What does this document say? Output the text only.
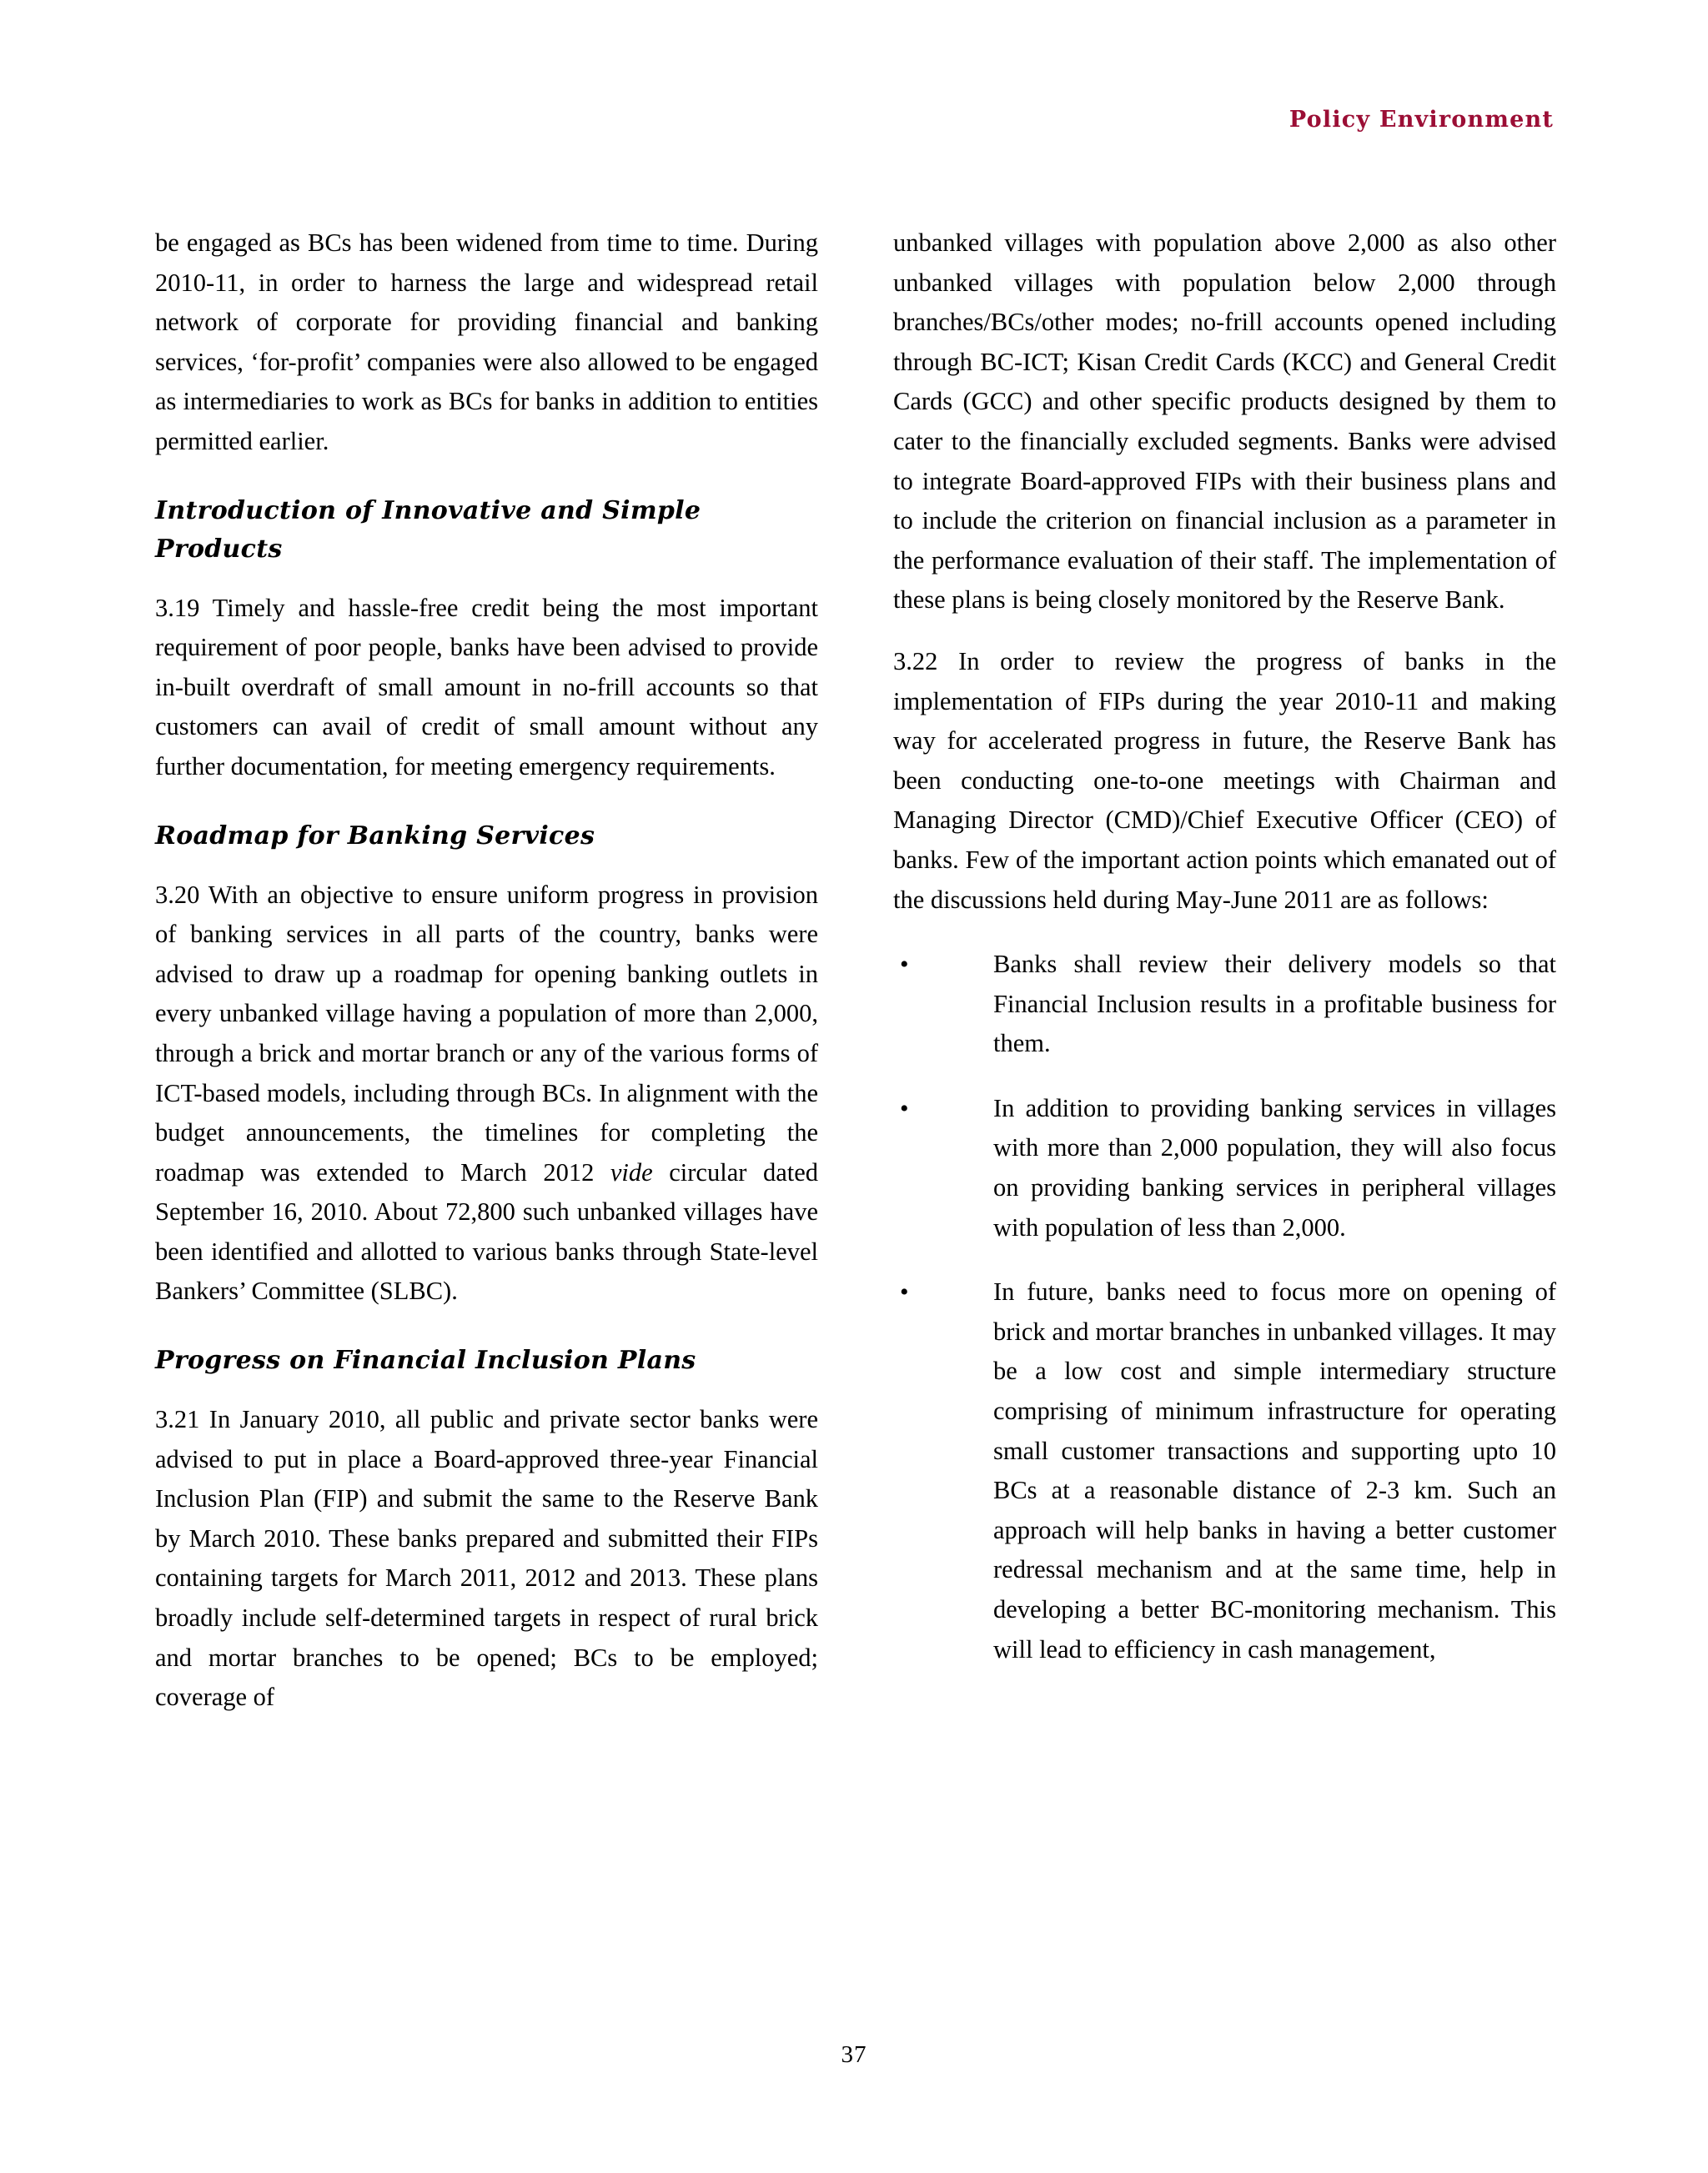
Policy Environment

be engaged as BCs has been widened from time to time. During 2010-11, in order to harness the large and widespread retail network of corporate for providing financial and banking services, ‘for-profit’ companies were also allowed to be engaged as intermediaries to work as BCs for banks in addition to entities permitted earlier.

Introduction of Innovative and Simple Products

3.19 Timely and hassle-free credit being the most important requirement of poor people, banks have been advised to provide in-built overdraft of small amount in no-frill accounts so that customers can avail of credit of small amount without any further documentation, for meeting emergency requirements.

Roadmap for Banking Services

3.20 With an objective to ensure uniform progress in provision of banking services in all parts of the country, banks were advised to draw up a roadmap for opening banking outlets in every unbanked village having a population of more than 2,000, through a brick and mortar branch or any of the various forms of ICT-based models, including through BCs. In alignment with the budget announcements, the timelines for completing the roadmap was extended to March 2012 vide circular dated September 16, 2010. About 72,800 such unbanked villages have been identified and allotted to various banks through State-level Bankers’ Committee (SLBC).

Progress on Financial Inclusion Plans

3.21 In January 2010, all public and private sector banks were advised to put in place a Board-approved three-year Financial Inclusion Plan (FIP) and submit the same to the Reserve Bank by March 2010. These banks prepared and submitted their FIPs containing targets for March 2011, 2012 and 2013. These plans broadly include self-determined targets in respect of rural brick and mortar branches to be opened; BCs to be employed; coverage of

unbanked villages with population above 2,000 as also other unbanked villages with population below 2,000 through branches/BCs/other modes; no-frill accounts opened including through BC-ICT; Kisan Credit Cards (KCC) and General Credit Cards (GCC) and other specific products designed by them to cater to the financially excluded segments. Banks were advised to integrate Board-approved FIPs with their business plans and to include the criterion on financial inclusion as a parameter in the performance evaluation of their staff. The implementation of these plans is being closely monitored by the Reserve Bank.

3.22 In order to review the progress of banks in the implementation of FIPs during the year 2010-11 and making way for accelerated progress in future, the Reserve Bank has been conducting one-to-one meetings with Chairman and Managing Director (CMD)/Chief Executive Officer (CEO) of banks. Few of the important action points which emanated out of the discussions held during May-June 2011 are as follows:

•	Banks shall review their delivery models so that Financial Inclusion results in a profitable business for them.
•	In addition to providing banking services in villages with more than 2,000 population, they will also focus on providing banking services in peripheral villages with population of less than 2,000.
•	In future, banks need to focus more on opening of brick and mortar branches in unbanked villages. It may be a low cost and simple intermediary structure comprising of minimum infrastructure for operating small customer transactions and supporting upto 10 BCs at a reasonable distance of 2-3 km. Such an approach will help banks in having a better customer redressal mechanism and at the same time, help in developing a better BC-monitoring mechanism. This will lead to efficiency in cash management,
37
